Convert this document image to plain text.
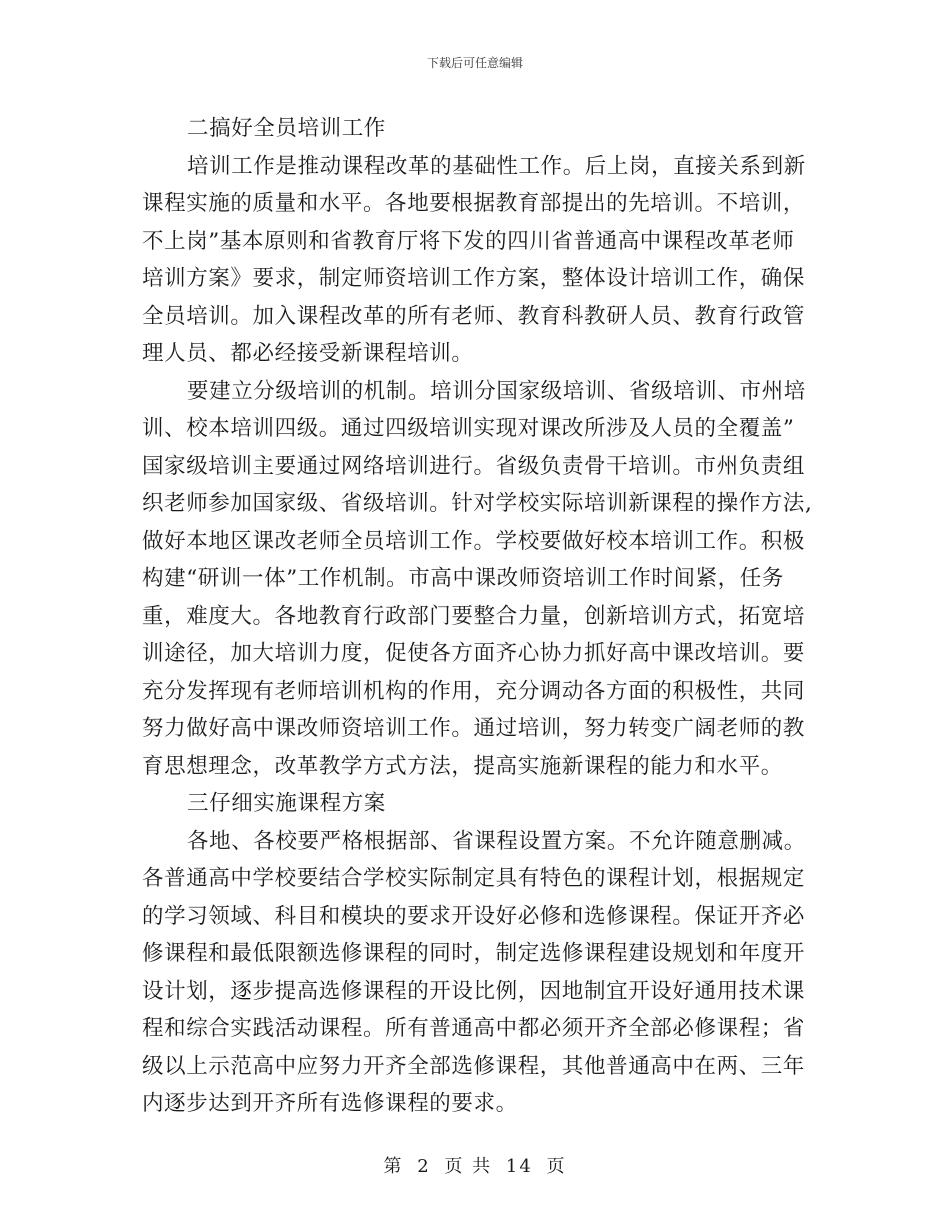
下载后可任意编辑
二搞好全员培训工作
培训工作是推动课程改革的基础性工作。后上岗，直接关系到新
课程实施的质量和水平。各地要根据教育部提出的先培训。不培训，
不上岗”基本原则和省教育厅将下发的四川省普通高中课程改革老师
培训方案》要求，制定师资培训工作方案，整体设计培训工作，确保
全员培训。加入课程改革的所有老师、教育科教研人员、教育行政管
理人员、都必经接受新课程培训。
要建立分级培训的机制。培训分国家级培训、省级培训、市州培
训、校本培训四级。通过四级培训实现对课改所涉及人员的全覆盖”
国家级培训主要通过网络培训进行。省级负责骨干培训。市州负责组
织老师参加国家级、省级培训。针对学校实际培训新课程的操作方法,
做好本地区课改老师全员培训工作。学校要做好校本培训工作。积极
构建“研训一体”工作机制。市高中课改师资培训工作时间紧，任务
重，难度大。各地教育行政部门要整合力量，创新培训方式，拓宽培
训途径，加大培训力度，促使各方面齐心协力抓好高中课改培训。要
充分发挥现有老师培训机构的作用，充分调动各方面的积极性，共同
努力做好高中课改师资培训工作。通过培训，努力转变广阔老师的教
育思想理念，改革教学方式方法，提高实施新课程的能力和水平。
三仔细实施课程方案
各地、各校要严格根据部、省课程设置方案。不允许随意删减。
各普通高中学校要结合学校实际制定具有特色的课程计划，根据规定
的学习领域、科目和模块的要求开设好必修和选修课程。保证开齐必
修课程和最低限额选修课程的同时，制定选修课程建设规划和年度开
设计划，逐步提高选修课程的开设比例，因地制宜开设好通用技术课
程和综合实践活动课程。所有普通高中都必须开齐全部必修课程；省
级以上示范高中应努力开齐全部选修课程，其他普通高中在两、三年
内逐步达到开齐所有选修课程的要求。
第 2 页 共 14 页
